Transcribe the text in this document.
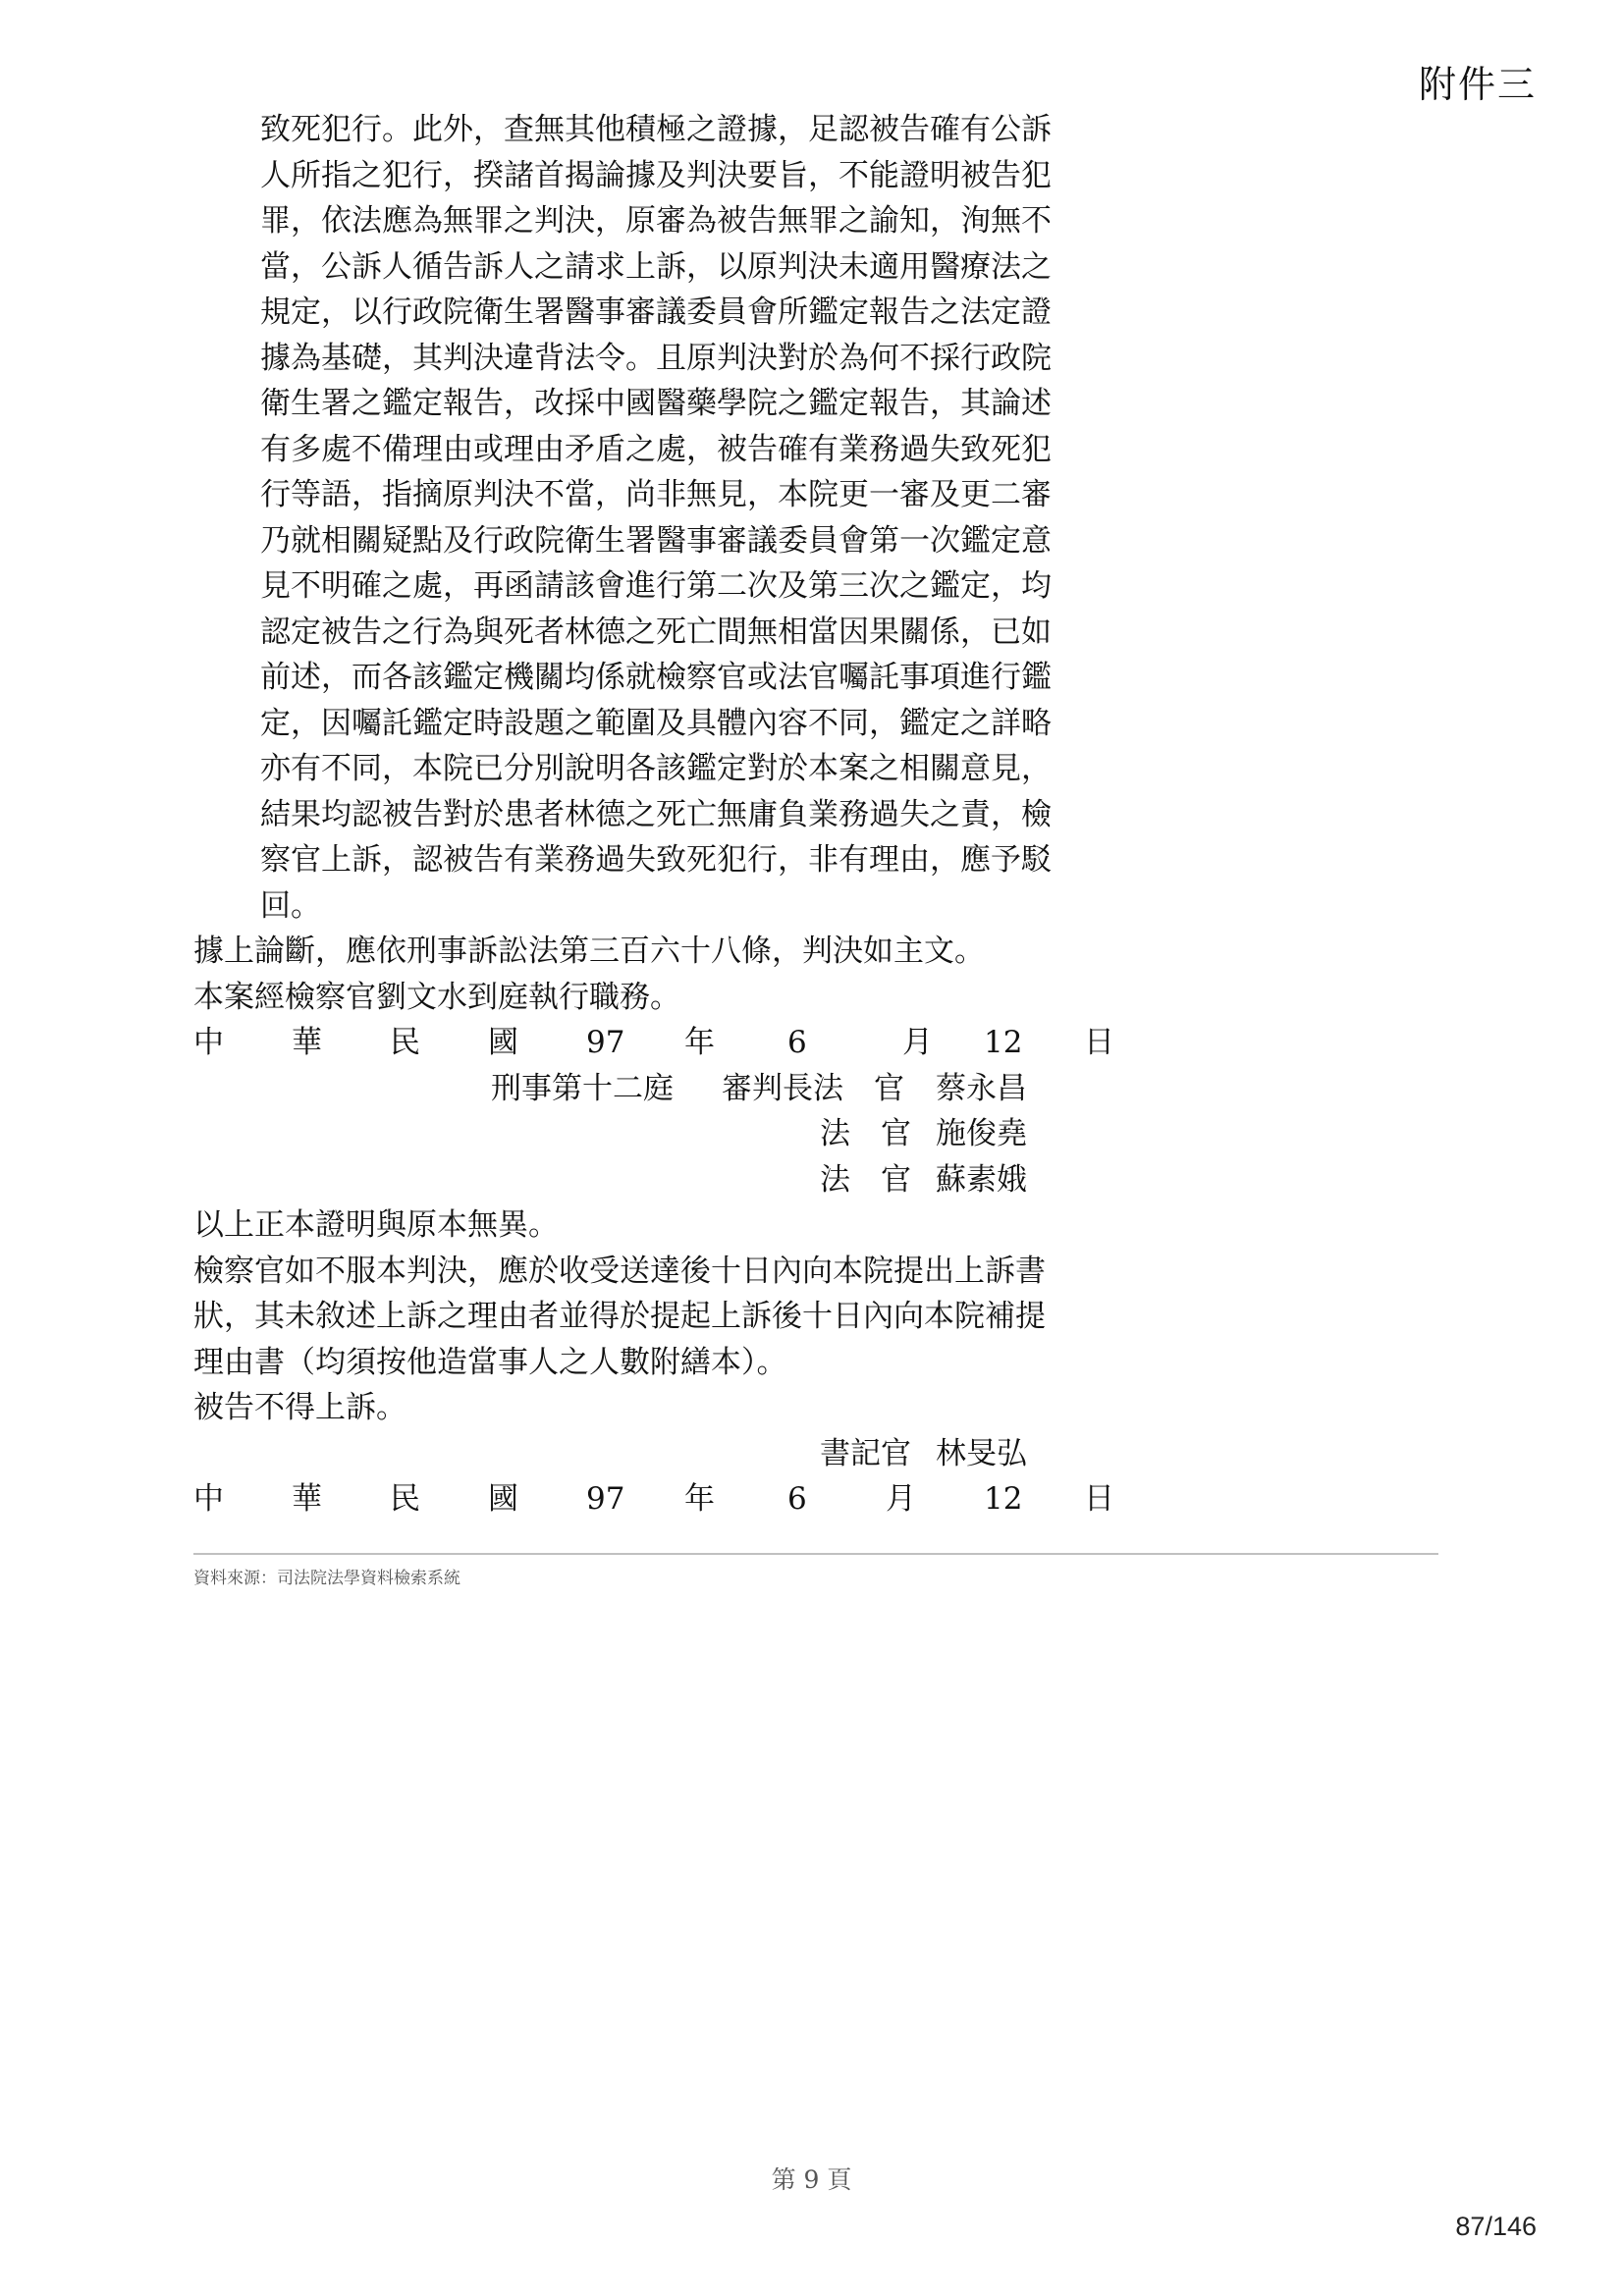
附件三
致死犯行。此外，查無其他積極之證據，足認被告確有公訴
人所指之犯行，揆諸首揭論據及判決要旨，不能證明被告犯
罪，依法應為無罪之判決，原審為被告無罪之諭知，洵無不
當，公訴人循告訴人之請求上訴，以原判決未適用醫療法之
規定，以行政院衛生署醫事審議委員會所鑑定報告之法定證
據為基礎，其判決違背法令。且原判決對於為何不採行政院
衛生署之鑑定報告，改採中國醫藥學院之鑑定報告，其論述
有多處不備理由或理由矛盾之處，被告確有業務過失致死犯
行等語，指摘原判決不當，尚非無見，本院更一審及更二審
乃就相關疑點及行政院衛生署醫事審議委員會第一次鑑定意
見不明確之處，再函請該會進行第二次及第三次之鑑定，均
認定被告之行為與死者林德之死亡間無相當因果關係，已如
前述，而各該鑑定機關均係就檢察官或法官囑託事項進行鑑
定，因囑託鑑定時設題之範圍及具體內容不同，鑑定之詳略
亦有不同，本院已分別說明各該鑑定對於本案之相關意見，
結果均認被告對於患者林德之死亡無庸負業務過失之責，檢
察官上訴，認被告有業務過失致死犯行，非有理由，應予駁
回。
據上論斷，應依刑事訴訟法第三百六十八條，判決如主文。
本案經檢察官劉文水到庭執行職務。
中 華 民 國 97 年 6	月 12 日
刑事第十二庭 審判長法　官 蔡永昌
法　官 施俊堯
法　官 蘇素娥
以上正本證明與原本無異。
檢察官如不服本判決，應於收受送達後十日內向本院提出上訴書
狀，其未敘述上訴之理由者並得於提起上訴後十日內向本院補提
理由書（均須按他造當事人之人數附繕本）。
被告不得上訴。
書記官 林旻弘
中 華 民 國 97 年 6	月 12 日
資料來源：司法院法學資料檢索系統
第 9 頁
87/146
